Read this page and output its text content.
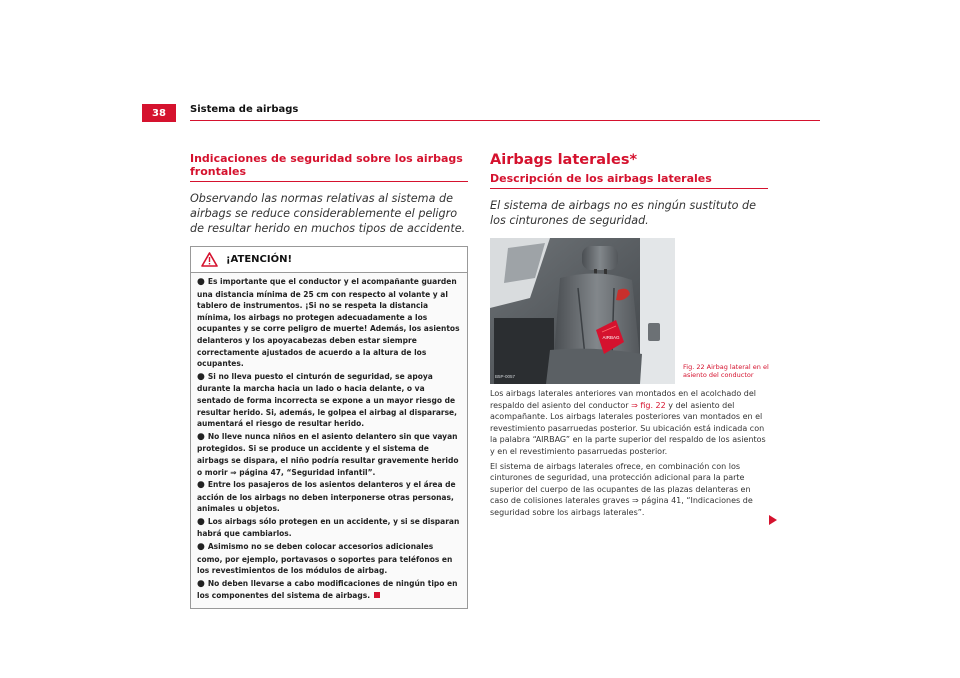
38	Sistema de airbags
Indicaciones de seguridad sobre los airbags frontales

Observando las normas relativas al sistema de airbags se reduce considerablemente el peligro de resultar herido en muchos tipos de accidente.

¡ATENCIÓN!
● Es importante que el conductor y el acompañante guarden una distancia mínima de 25 cm con respecto al volante y al tablero de instrumentos. ¡Si no se respeta la distancia mínima, los airbags no protegen adecuadamente a los ocupantes y se corre peligro de muerte! Además, los asientos delanteros y los apoyacabezas deben estar siempre correctamente ajustados de acuerdo a la altura de los ocupantes.
● Si no lleva puesto el cinturón de seguridad, se apoya durante la marcha hacia un lado o hacia delante, o va sentado de forma incorrecta se expone a un mayor riesgo de resultar herido. Si, además, le golpea el airbag al dispararse, aumentará el riesgo de resultar herido.
● No lleve nunca niños en el asiento delantero sin que vayan protegidos. Si se produce un accidente y el sistema de airbags se dispara, el niño podría resultar gravemente herido o morir ⇒ página 47, “Seguridad infantil”.
● Entre los pasajeros de los asientos delanteros y el área de acción de los airbags no deben interponerse otras personas, animales u objetos.
● Los airbags sólo protegen en un accidente, y si se disparan habrá que cambiarlos.
● Asimismo no se deben colocar accesorios adicionales como, por ejemplo, portavasos o soportes para teléfonos en los revestimientos de los módulos de airbag.
● No deben llevarse a cabo modificaciones de ningún tipo en los componentes del sistema de airbags.
Airbags laterales*
Descripción de los airbags laterales

El sistema de airbags no es ningún sustituto de los cinturones de seguridad.

AIRBAG
B5P-0057
Fig. 22 Airbag lateral en el asiento del conductor

Los airbags laterales anteriores van montados en el acolchado del respaldo del asiento del conductor ⇒ fig. 22 y del asiento del acompañante. Los airbags laterales posteriores van montados en el revestimiento pasarruedas posterior. Su ubicación está indicada con la palabra “AIRBAG” en la parte superior del respaldo de los asientos y en el revestimiento pasarruedas posterior.

El sistema de airbags laterales ofrece, en combinación con los cinturones de seguridad, una protección adicional para la parte superior del cuerpo de las ocupantes de las plazas delanteras en caso de colisiones laterales graves ⇒ página 41, “Indicaciones de seguridad sobre los airbags laterales”.
